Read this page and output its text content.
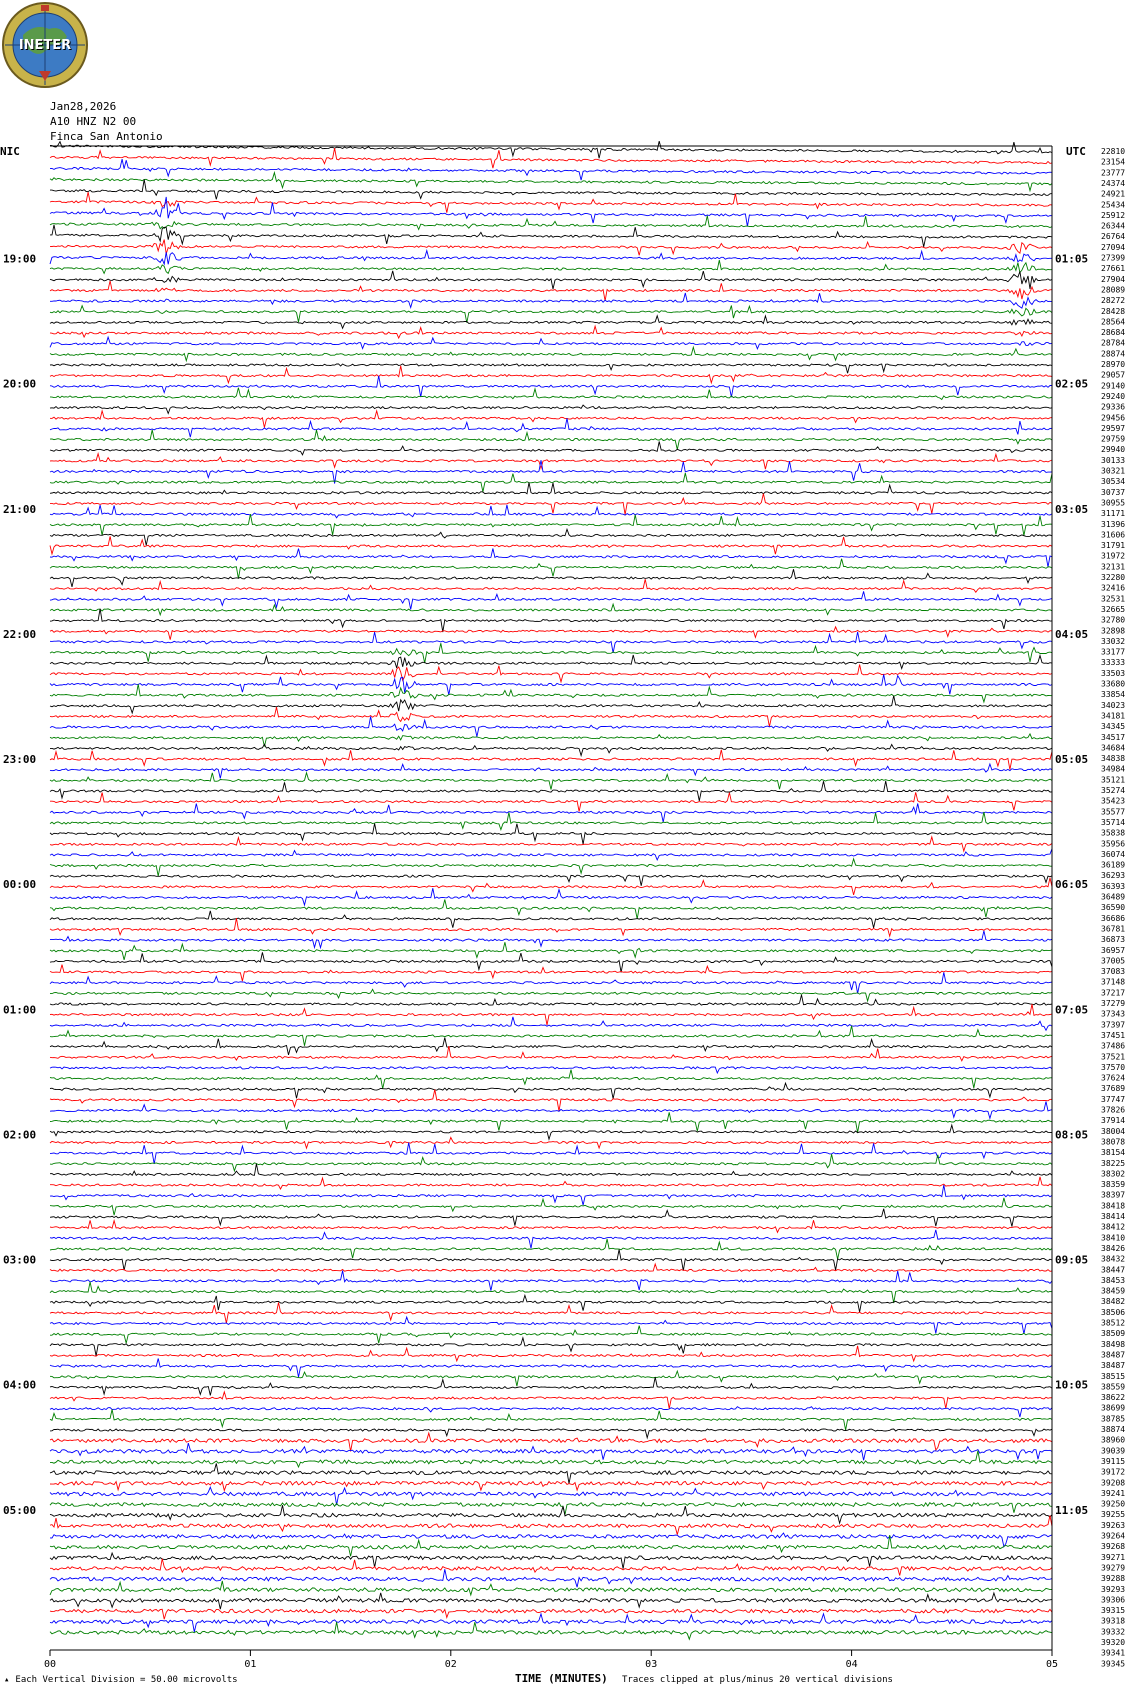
00	01	02	03	04	05
19:00
20:00
21:00
22:00
23:00
00:00
01:00
02:00
03:00
04:00
05:00
01:05
02:05
03:05
04:05
05:05
06:05
07:05
08:05
09:05
10:05
11:05
22810
23154
23777
24374
24921
25434
25912
26344
26764
27094
27399
27661
27904
28089
28272
28428
28564
28684
28784
28874
28970
29057
29140
29240
29336
29456
29597
29759
29940
30133
30321
30534
30737
30955
31171
31396
31606
31791
31972
32131
32280
32416
32531
32665
32780
32898
33032
33177
33333
33503
33680
33854
34023
34181
34345
34517
34684
34838
34984
35121
35274
35423
35577
35714
35838
35956
36074
36189
36293
36393
36489
36590
36686
36781
36873
36957
37005
37083
37148
37217
37279
37343
37397
37451
37486
37521
37570
37624
37689
37747
37826
37914
38004
38078
38154
38225
38302
38359
38397
38418
38414
38412
38410
38426
38432
38447
38453
38459
38482
38506
38512
38509
38498
38487
38487
38515
38559
38622
38699
38785
38874
38960
39039
39115
39172
39208
39241
39250
39255
39263
39264
39268
39271
39279
39288
39293
39306
39315
39318
39332
39320
39341
39345
INETER
Jan28,2026
A10 HNZ N2 00
Finca San Antonio
NIC	UTC
▴ Each Vertical Division = 50.00 microvolts	TIME (MINUTES) Traces clipped at plus/minus 20 vertical divisions
